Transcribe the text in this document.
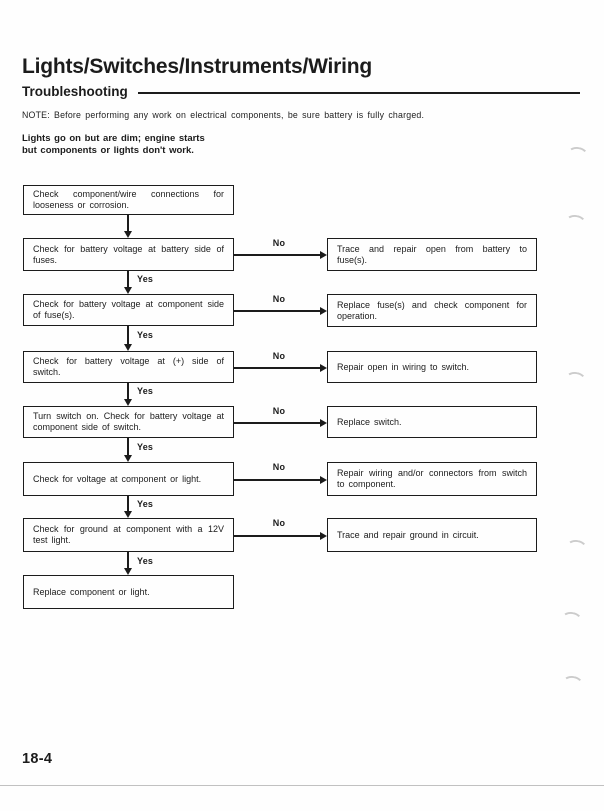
Lights/Switches/Instruments/Wiring
Troubleshooting
NOTE: Before performing any work on electrical components, be sure battery is fully charged.
Lights go on but are dim; engine starts
but components or lights don't work.
Check component/wire connections for looseness or corrosion.
Check for battery voltage at battery side of fuses.
No
Trace and repair open from battery to fuse(s).
Yes
Check for battery voltage at component side of fuse(s).
No
Replace fuse(s) and check component for operation.
Yes
Check for battery voltage at (+) side of switch.
No
Repair open in wiring to switch.
Yes
Turn switch on. Check for battery voltage at component side of switch.
No
Replace switch.
Yes
Check for voltage at component or light.
No
Repair wiring and/or connectors from switch to component.
Yes
Check for ground at component with a 12V test light.
No
Trace and repair ground in circuit.
Yes
Replace component or light.
18-4
